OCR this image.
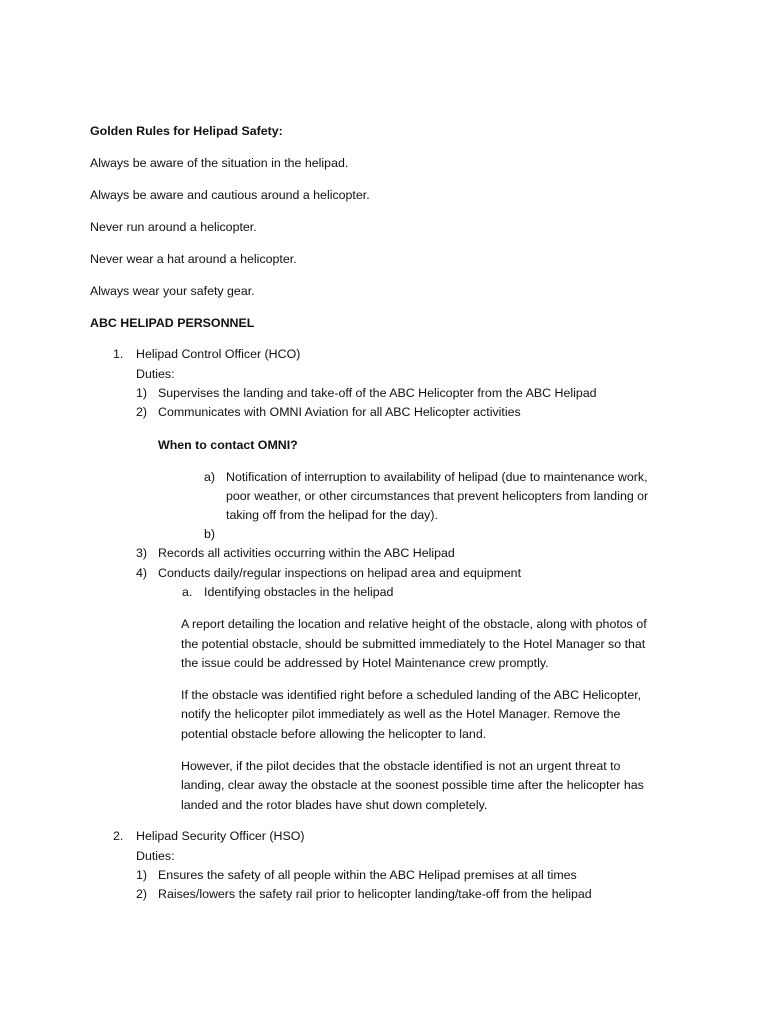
Golden Rules for Helipad Safety:
Always be aware of the situation in the helipad.
Always be aware and cautious around a helicopter.
Never run around a helicopter.
Never wear a hat around a helicopter.
Always wear your safety gear.
ABC HELIPAD PERSONNEL
1. Helipad Control Officer (HCO)
Duties:
1) Supervises the landing and take-off of the ABC Helicopter from the ABC Helipad
2) Communicates with OMNI Aviation for all ABC Helicopter activities
When to contact OMNI?
a) Notification of interruption to availability of helipad (due to maintenance work,
poor weather, or other circumstances that prevent helicopters from landing or
taking off from the helipad for the day).
b)
3) Records all activities occurring within the ABC Helipad
4) Conducts daily/regular inspections on helipad area and equipment
a. Identifying obstacles in the helipad
A report detailing the location and relative height of the obstacle, along with photos of
the potential obstacle, should be submitted immediately to the Hotel Manager so that
the issue could be addressed by Hotel Maintenance crew promptly.
If the obstacle was identified right before a scheduled landing of the ABC Helicopter,
notify the helicopter pilot immediately as well as the Hotel Manager. Remove the
potential obstacle before allowing the helicopter to land.
However, if the pilot decides that the obstacle identified is not an urgent threat to
landing, clear away the obstacle at the soonest possible time after the helicopter has
landed and the rotor blades have shut down completely.
2. Helipad Security Officer (HSO)
Duties:
1) Ensures the safety of all people within the ABC Helipad premises at all times
2) Raises/lowers the safety rail prior to helicopter landing/take-off from the helipad
